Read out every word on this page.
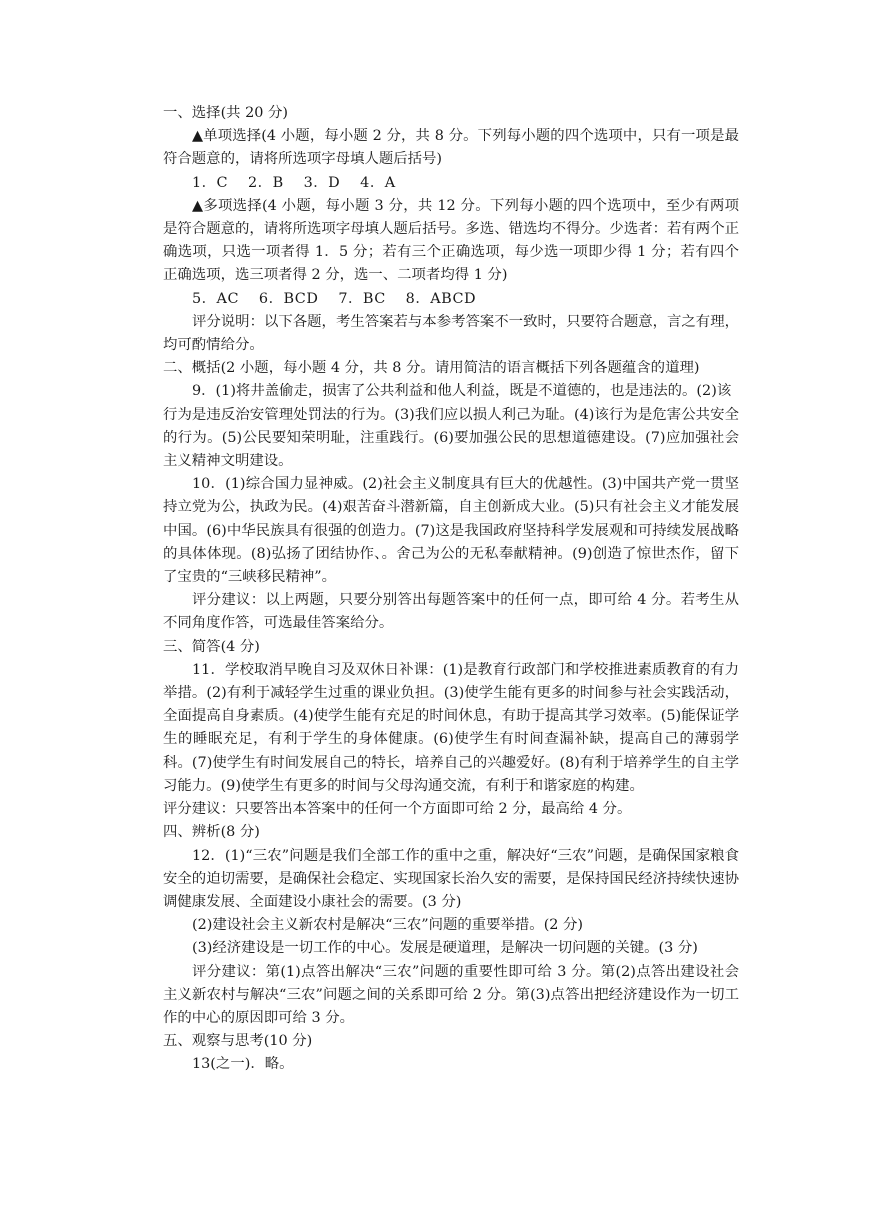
一、选择(共 20 分)

▲单项选择(4 小题，每小题 2 分，共 8 分。下列每小题的四个选项中，只有一项是最符合题意的，请将所选项字母填人题后括号)

1．C　 2．B　 3．D　 4．A

▲多项选择(4 小题，每小题 3 分，共 12 分。下列每小题的四个选项中，至少有两项是符合题意的，请将所选项字母填人题后括号。多选、错选均不得分。少选者：若有两个正确选项，只选一项者得 1．5 分；若有三个正确选项，每少选一项即少得 1 分；若有四个正确选项，选三项者得 2 分，选一、二项者均得 1 分)

5．AC　 6．BCD　 7．BC　 8．ABCD

评分说明：以下各题，考生答案若与本参考答案不一致时，只要符合题意，言之有理，均可酌情给分。

二、概括(2 小题，每小题 4 分，共 8 分。请用简洁的语言概括下列各题蕴含的道理)

9．(1)将井盖偷走，损害了公共利益和他人利益，既是不道德的，也是违法的。(2)该

行为是违反治安管理处罚法的行为。(3)我们应以损人利己为耻。(4)该行为是危害公共安全的行为。(5)公民要知荣明耻，注重践行。(6)要加强公民的思想道德建设。(7)应加强社会主义精神文明建设。

10．(1)综合国力显神威。(2)社会主义制度具有巨大的优越性。(3)中国共产党一贯坚持立党为公，执政为民。(4)艰苦奋斗潜新篇，自主创新成大业。(5)只有社会主义才能发展中国。(6)中华民族具有很强的创造力。(7)这是我国政府坚持科学发展观和可持续发展战略的具体体现。(8)弘扬了团结协作、。舍己为公的无私奉献精神。(9)创造了惊世杰作，留下了宝贵的“三峡移民精神”。

评分建议：以上两题，只要分别答出每题答案中的任何一点，即可给 4 分。若考生从不同角度作答，可选最佳答案给分。

三、简答(4 分)

11．学校取消早晚自习及双休日补课：(1)是教育行政部门和学校推进素质教育的有力举措。(2)有利于减轻学生过重的课业负担。(3)使学生能有更多的时间参与社会实践活动，全面提高自身素质。(4)使学生能有充足的时间休息，有助于提高其学习效率。(5)能保证学生的睡眠充足，有利于学生的身体健康。(6)使学生有时间查漏补缺，提高自己的薄弱学科。(7)使学生有时间发展自己的特长，培养自己的兴趣爱好。(8)有利于培养学生的自主学习能力。(9)使学生有更多的时间与父母沟通交流，有利于和谐家庭的构建。

评分建议：只要答出本答案中的任何一个方面即可给 2 分，最高给 4 分。

四、辨析(8 分)

12．(1)“三农”问题是我们全部工作的重中之重，解决好“三农”问题，是确保国家粮食安全的迫切需要，是确保社会稳定、实现国家长治久安的需要，是保持国民经济持续快速协调健康发展、全面建设小康社会的需要。(3 分)

(2)建设社会主义新农村是解决“三农”问题的重要举措。(2 分)

(3)经济建设是一切工作的中心。发展是硬道理，是解决一切问题的关键。(3 分)

评分建议：第(1)点答出解决“三农”问题的重要性即可给 3 分。第(2)点答出建设社会主义新农村与解决“三农”问题之间的关系即可给 2 分。第(3)点答出把经济建设作为一切工作的中心的原因即可给 3 分。

五、观察与思考(10 分)

13(之一)．略。
